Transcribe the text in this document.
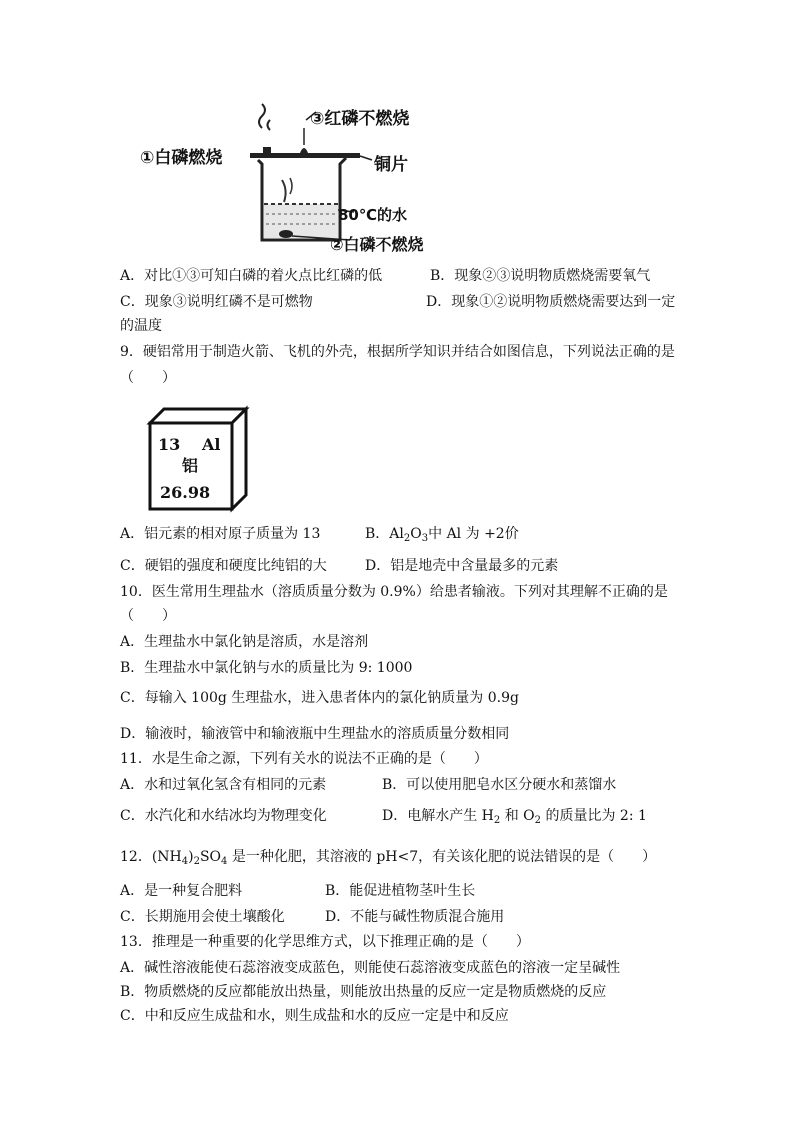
③红磷不燃烧
①白磷燃烧	铜片
80℃的水
②白磷不燃烧
A．对比①③可知白磷的着火点比红磷的低	B．现象②③说明物质燃烧需要氧气
C．现象③说明红磷不是可燃物	D．现象①②说明物质燃烧需要达到一定
的温度
9．硬铝常用于制造火箭、飞机的外壳，根据所学知识并结合如图信息，下列说法正确的是
（　　）
13 Al
铝
26.98
A．铝元素的相对原子质量为 13	B．$Al_2O_3$中 Al 为 +2价
C．硬铝的强度和硬度比纯铝的大	D．铝是地壳中含量最多的元素
10．医生常用生理盐水（溶质质量分数为 0.9%）给患者输液。下列对其理解不正确的是
（　　）
A．生理盐水中氯化钠是溶质，水是溶剂
B．生理盐水中氯化钠与水的质量比为 9: 1000
C．每输入 100g 生理盐水，进入患者体内的氯化钠质量为 0.9g
D．输液时，输液管中和输液瓶中生理盐水的溶质质量分数相同
11．水是生命之源，下列有关水的说法不正确的是（　　）
A．水和过氧化氢含有相同的元素	B．可以使用肥皂水区分硬水和蒸馏水
C．水汽化和水结冰均为物理变化	D．电解水产生 $H_2$ 和 $O_2$ 的质量比为 2: 1
12．$(NH_4)_2SO_4$ 是一种化肥，其溶液的 pH<7，有关该化肥的说法错误的是（　　）
A．是一种复合肥料	B．能促进植物茎叶生长
C．长期施用会使土壤酸化	D．不能与碱性物质混合施用
13．推理是一种重要的化学思维方式，以下推理正确的是（　　）
A．碱性溶液能使石蕊溶液变成蓝色，则能使石蕊溶液变成蓝色的溶液一定呈碱性
B．物质燃烧的反应都能放出热量，则能放出热量的反应一定是物质燃烧的反应
C．中和反应生成盐和水，则生成盐和水的反应一定是中和反应
